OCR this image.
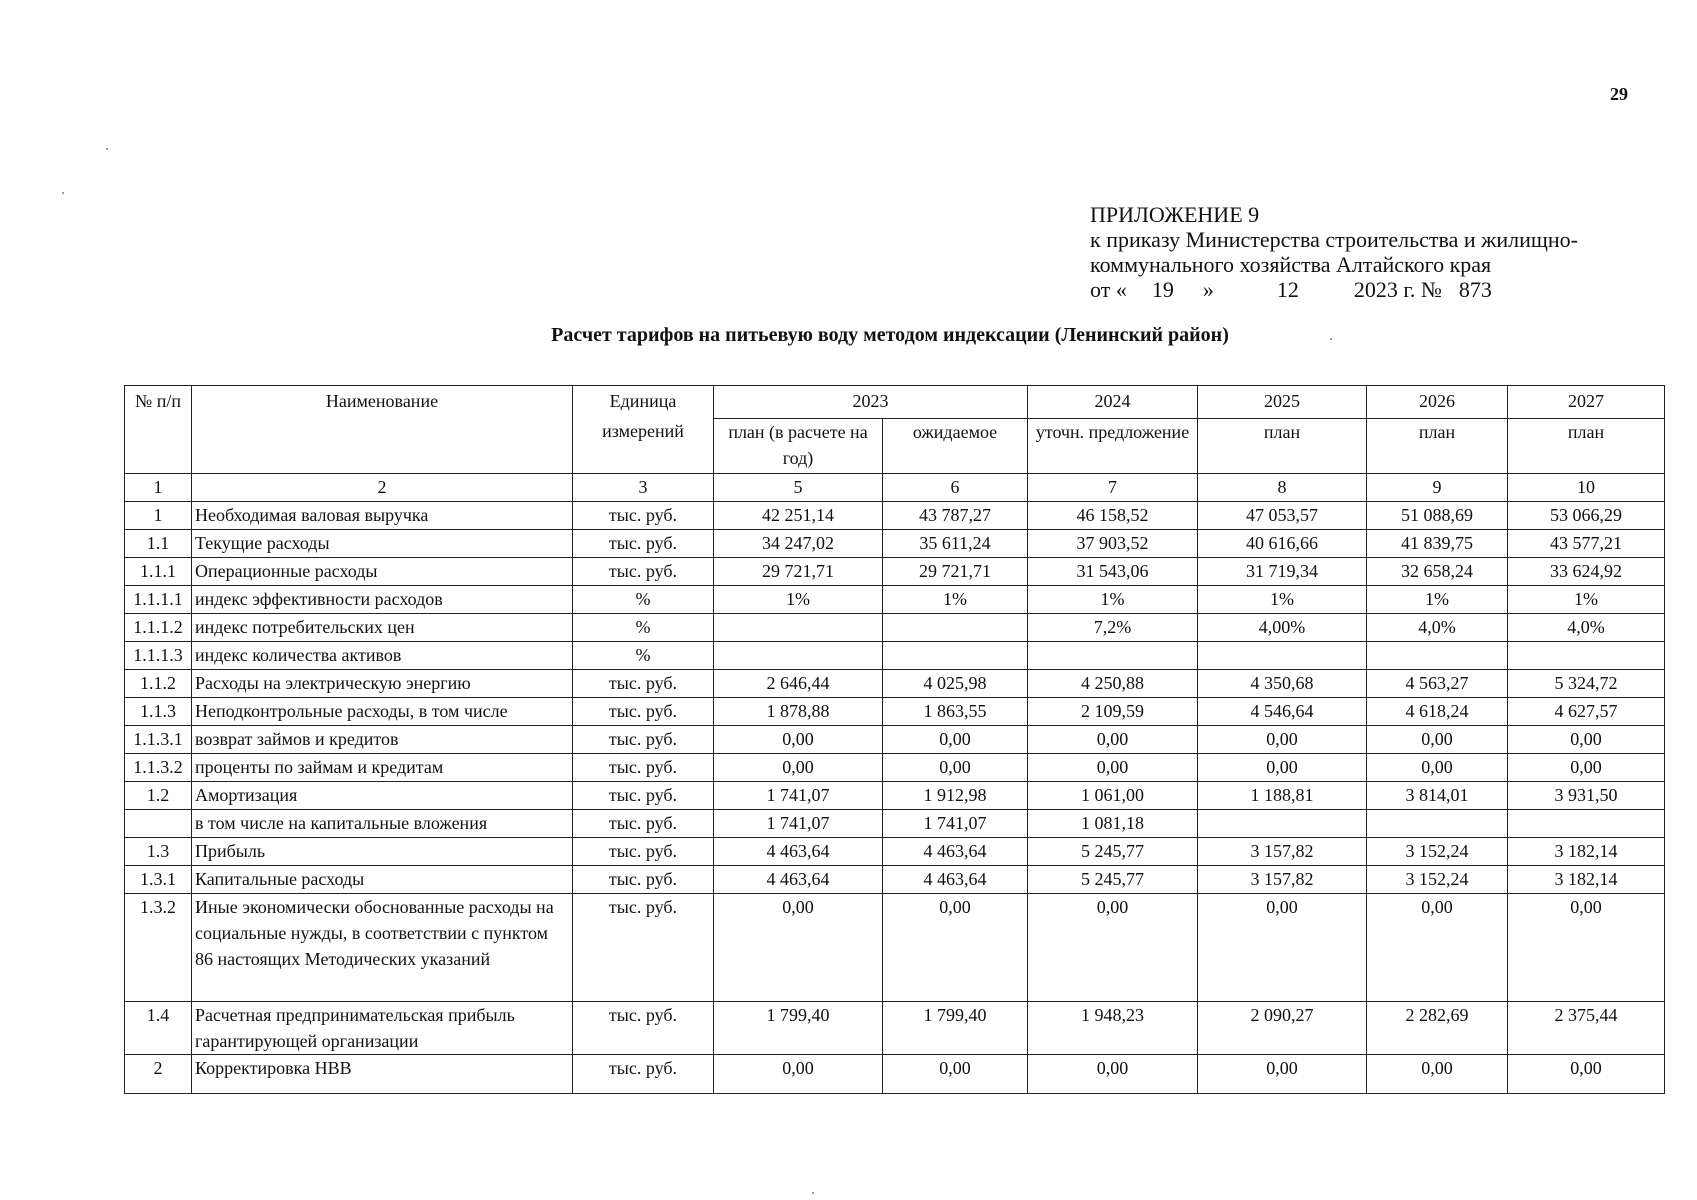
29
ПРИЛОЖЕНИЕ 9
к приказу Министерства строительства и жилищно-
коммунального хозяйства Алтайского края
от « 19 »	12	2023 г. № 873
Расчет тарифов на питьевую воду методом индексации (Ленинский район)
№ п/п	Наименование	Единица измерений	2023		2024	2025	2026	2027
			план (в расчете на год)	ожидаемое	уточн. предложение	план	план	план
1	2	3	5	6	7	8	9	10
1	Необходимая валовая выручка	тыс. руб.	42 251,14	43 787,27	46 158,52	47 053,57	51 088,69	53 066,29
1.1	Текущие расходы	тыс. руб.	34 247,02	35 611,24	37 903,52	40 616,66	41 839,75	43 577,21
1.1.1	Операционные расходы	тыс. руб.	29 721,71	29 721,71	31 543,06	31 719,34	32 658,24	33 624,92
1.1.1.1	индекс эффективности расходов	%	1%	1%	1%	1%	1%	1%
1.1.1.2	индекс потребительских цен	%			7,2%	4,00%	4,0%	4,0%
1.1.1.3	индекс количества активов	%						
1.1.2	Расходы на электрическую энергию	тыс. руб.	2 646,44	4 025,98	4 250,88	4 350,68	4 563,27	5 324,72
1.1.3	Неподконтрольные расходы, в том числе	тыс. руб.	1 878,88	1 863,55	2 109,59	4 546,64	4 618,24	4 627,57
1.1.3.1	возврат займов и кредитов	тыс. руб.	0,00	0,00	0,00	0,00	0,00	0,00
1.1.3.2	проценты по займам и кредитам	тыс. руб.	0,00	0,00	0,00	0,00	0,00	0,00
1.2	Амортизация	тыс. руб.	1 741,07	1 912,98	1 061,00	1 188,81	3 814,01	3 931,50
	в том числе на капитальные вложения	тыс. руб.	1 741,07	1 741,07	1 081,18			
1.3	Прибыль	тыс. руб.	4 463,64	4 463,64	5 245,77	3 157,82	3 152,24	3 182,14
1.3.1	Капитальные расходы	тыс. руб.	4 463,64	4 463,64	5 245,77	3 157,82	3 152,24	3 182,14
1.3.2	Иные экономически обоснованные расходы на социальные нужды, в соответствии с пунктом 86 настоящих Методических указаний	тыс. руб.	0,00	0,00	0,00	0,00	0,00	0,00
1.4	Расчетная предпринимательская прибыль гарантирующей организации	тыс. руб.	1 799,40	1 799,40	1 948,23	2 090,27	2 282,69	2 375,44
2	Корректировка НВВ	тыс. руб.	0,00	0,00	0,00	0,00	0,00	0,00
